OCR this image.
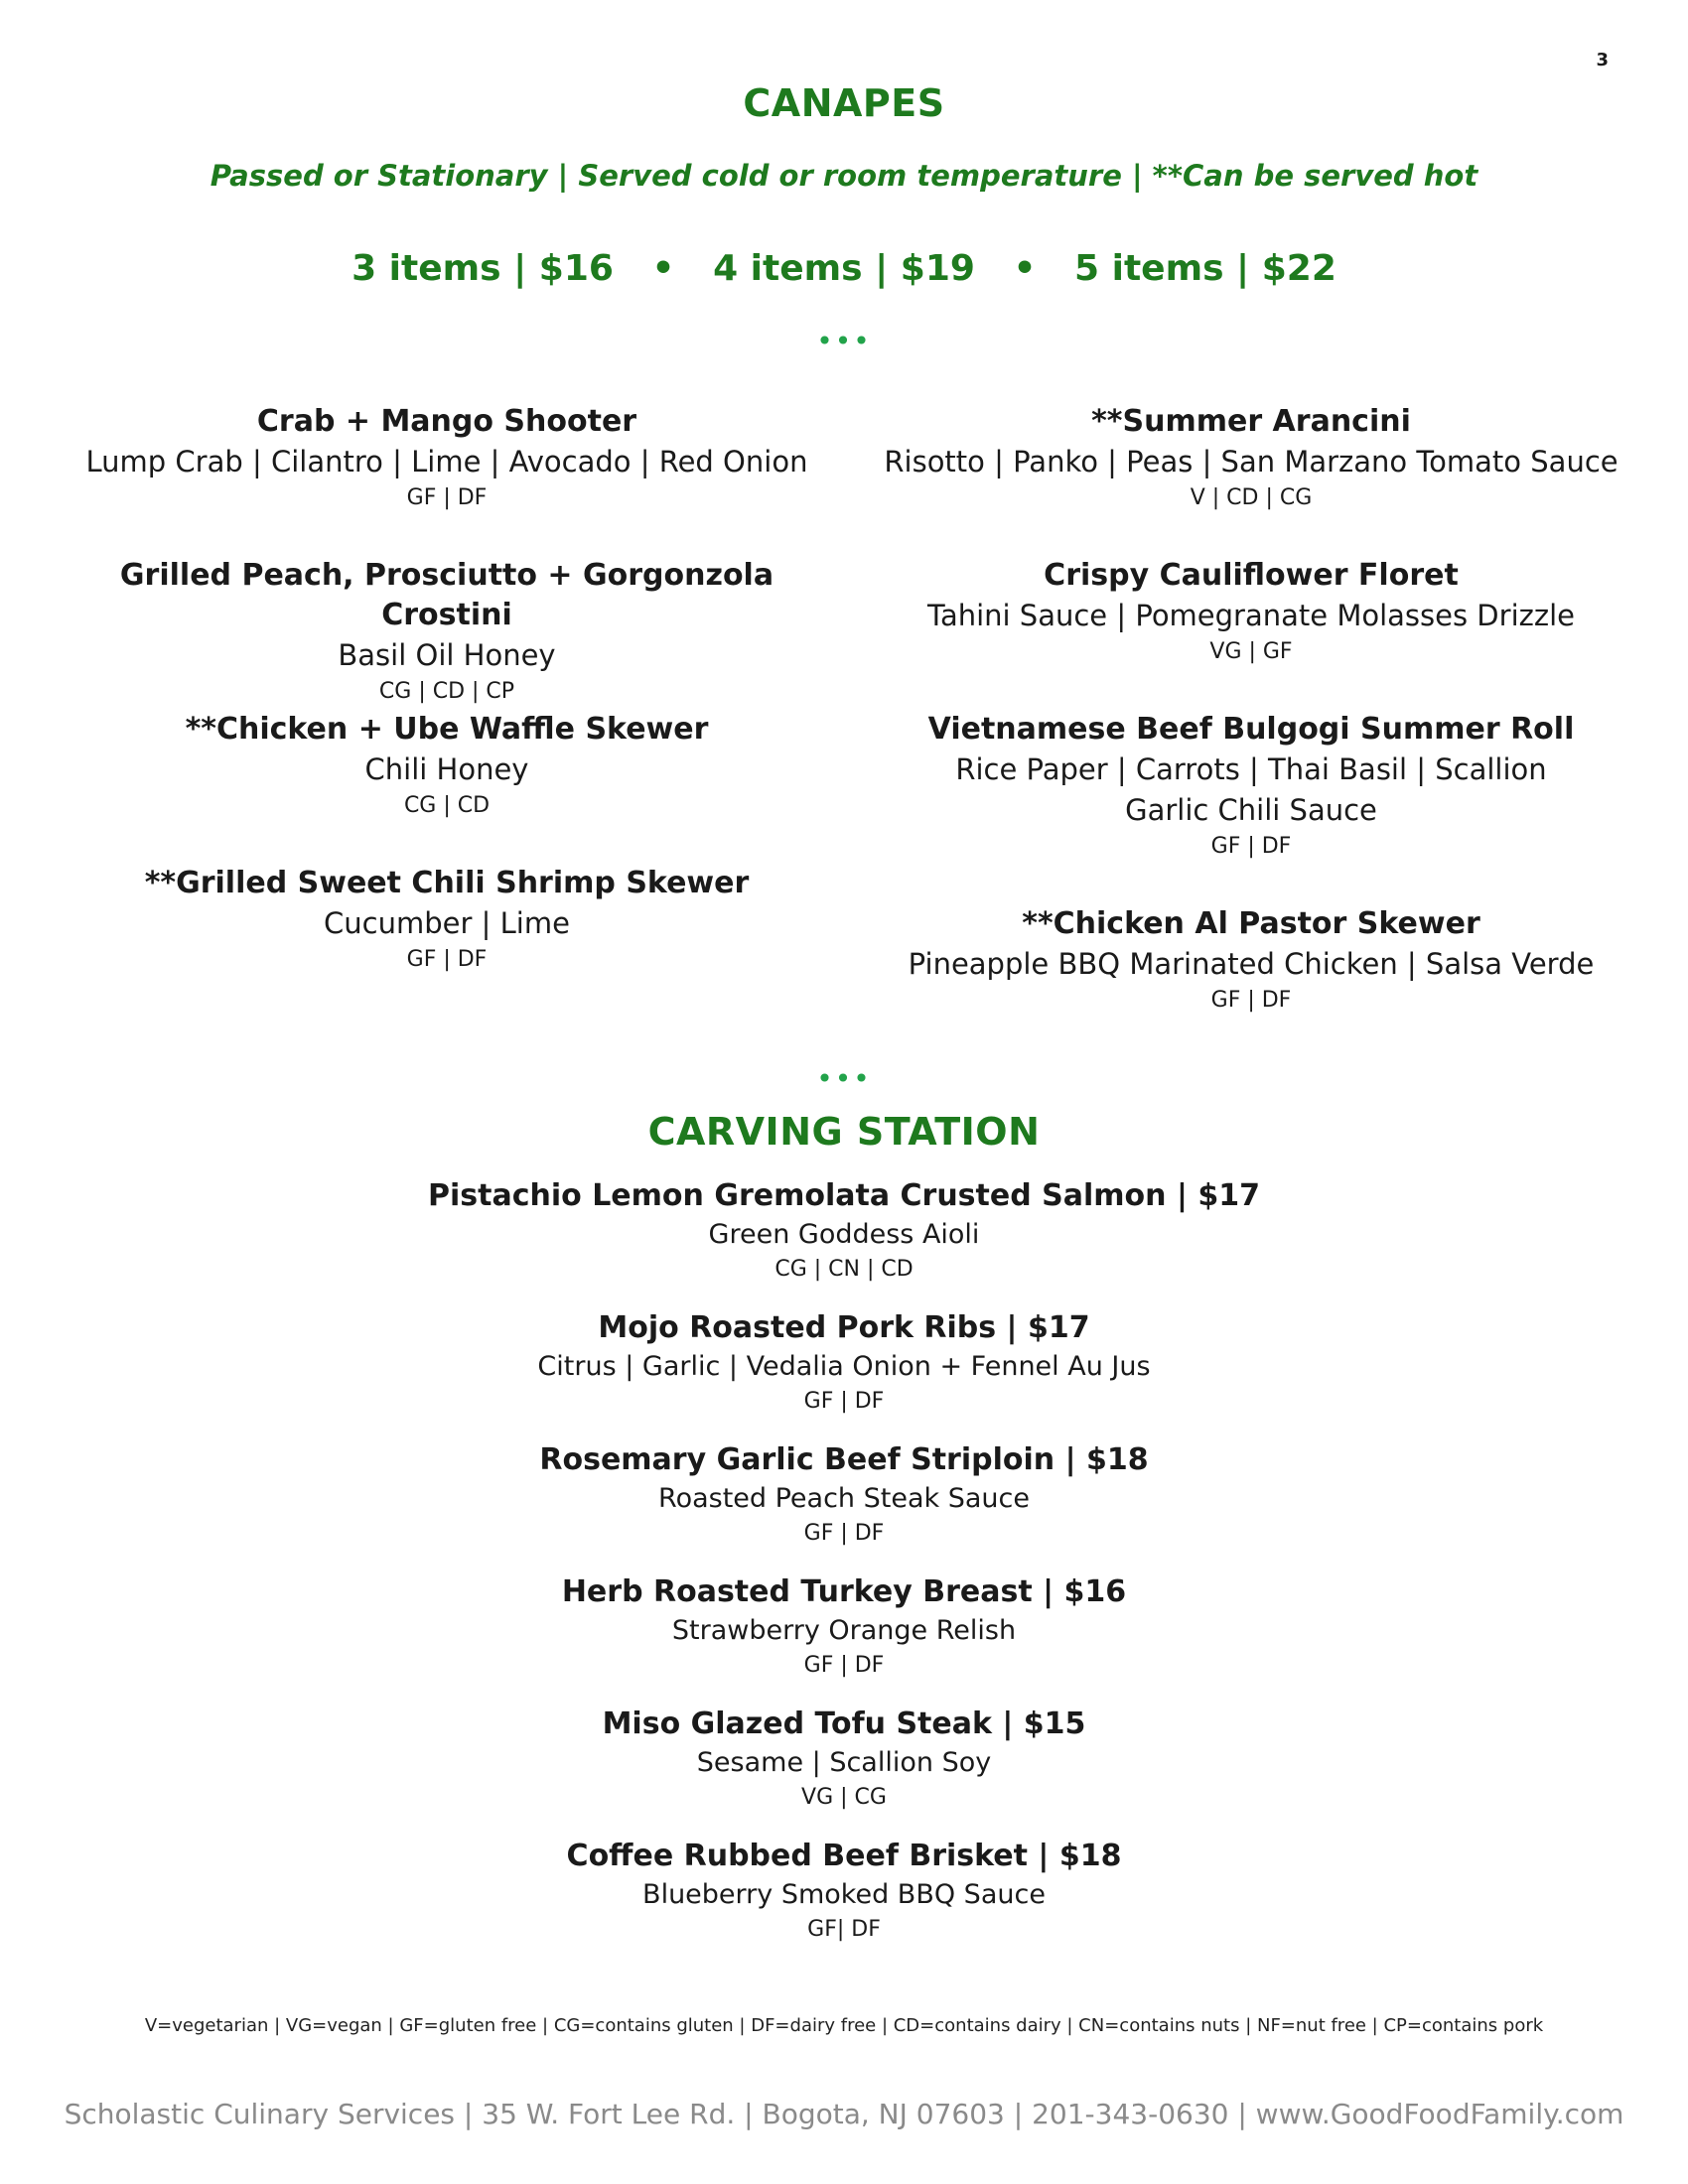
3
CANAPES
Passed or Stationary | Served cold or room temperature | **Can be served hot
3 items | $16 • 4 items | $19 • 5 items | $22
•••
Crab + Mango Shooter
Lump Crab | Cilantro | Lime | Avocado | Red Onion
GF | DF
Grilled Peach, Prosciutto + Gorgonzola Crostini
Basil Oil Honey
CG | CD | CP
**Chicken + Ube Waffle Skewer
Chili Honey
CG | CD
**Grilled Sweet Chili Shrimp Skewer
Cucumber | Lime
GF | DF
**Summer Arancini
Risotto | Panko | Peas | San Marzano Tomato Sauce
V | CD | CG
Crispy Cauliflower Floret
Tahini Sauce | Pomegranate Molasses Drizzle
VG | GF
Vietnamese Beef Bulgogi Summer Roll
Rice Paper | Carrots | Thai Basil | Scallion
Garlic Chili Sauce
GF | DF
**Chicken Al Pastor Skewer
Pineapple BBQ Marinated Chicken | Salsa Verde
GF | DF
•••
CARVING STATION
Pistachio Lemon Gremolata Crusted Salmon | $17
Green Goddess Aioli
CG | CN | CD
Mojo Roasted Pork Ribs | $17
Citrus | Garlic | Vedalia Onion + Fennel Au Jus
GF | DF
Rosemary Garlic Beef Striploin | $18
Roasted Peach Steak Sauce
GF | DF
Herb Roasted Turkey Breast | $16
Strawberry Orange Relish
GF | DF
Miso Glazed Tofu Steak | $15
Sesame | Scallion Soy
VG | CG
Coffee Rubbed Beef Brisket | $18
Blueberry Smoked BBQ Sauce
GF| DF
V=vegetarian | VG=vegan | GF=gluten free | CG=contains gluten | DF=dairy free | CD=contains dairy | CN=contains nuts | NF=nut free | CP=contains pork
Scholastic Culinary Services | 35 W. Fort Lee Rd. | Bogota, NJ 07603 | 201-343-0630 | www.GoodFoodFamily.com
